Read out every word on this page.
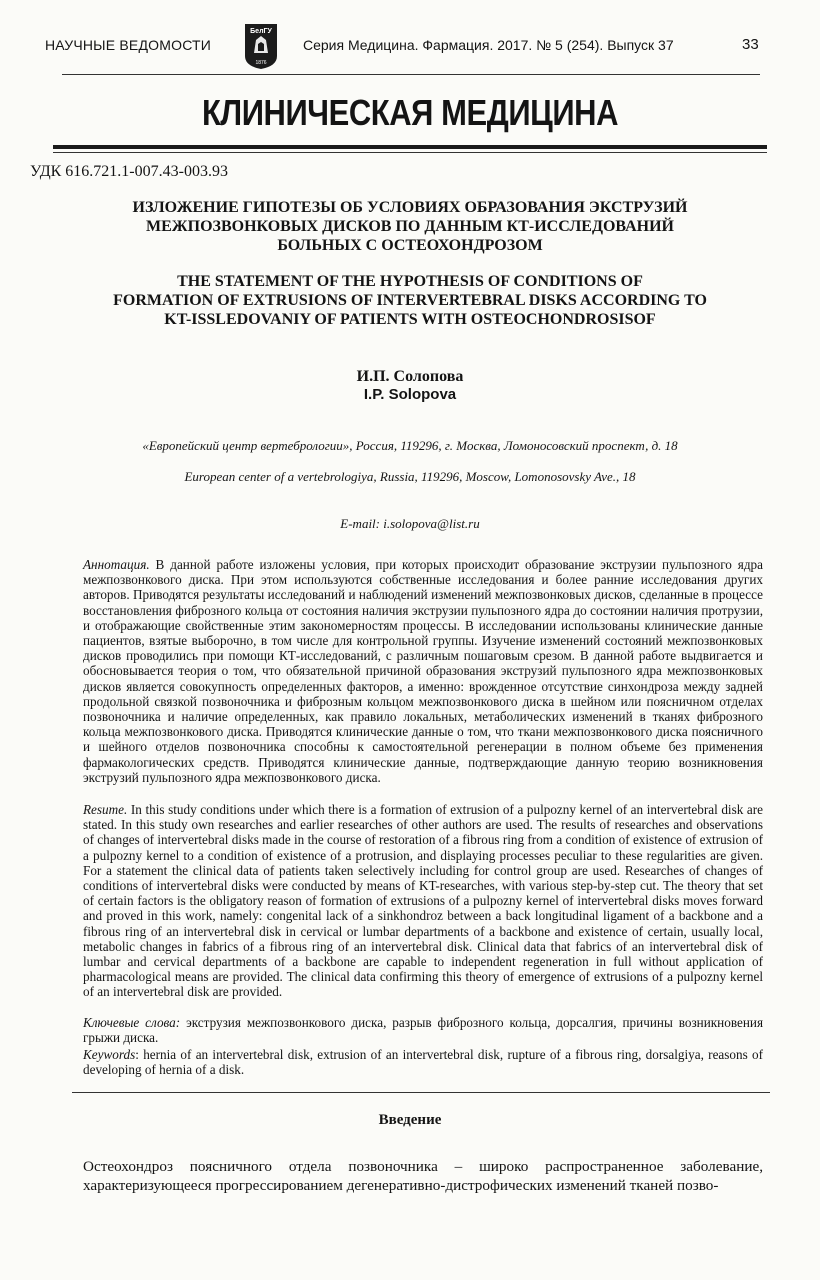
НАУЧНЫЕ ВЕДОМОСТИ
БелГУ
1876
Серия Медицина. Фармация. 2017. № 5 (254). Выпуск 37	33
КЛИНИЧЕСКАЯ МЕДИЦИНА
УДК 616.721.1-007.43-003.93
ИЗЛОЖЕНИЕ ГИПОТЕЗЫ ОБ УСЛОВИЯХ ОБРАЗОВАНИЯ ЭКСТРУЗИЙ
МЕЖПОЗВОНКОВЫХ ДИСКОВ ПО ДАННЫМ КТ-ИССЛЕДОВАНИЙ
БОЛЬНЫХ С ОСТЕОХОНДРОЗОМ
THE STATEMENT OF THE HYPOTHESIS OF CONDITIONS OF
FORMATION OF EXTRUSIONS OF INTERVERTEBRAL DISKS ACCORDING TO
KT-ISSLEDOVANIY OF PATIENTS WITH OSTEOCHONDROSISOF
И.П. Солопова
I.P. Solopova
«Европейский центр вертебрологии», Россия, 119296, г. Москва, Ломоносовский проспект, д. 18
European center of a vertebrologiya, Russia, 119296, Moscow, Lomonosovsky Ave., 18
E-mail: i.solopova@list.ru
Аннотация. В данной работе изложены условия, при которых происходит образование экструзии пульпозного ядра межпозвонкового диска. При этом используются собственные исследования и более ранние исследования других авторов. Приводятся результаты исследований и наблюдений изменений межпозвонковых дисков, сделанные в процессе восстановления фиброзного кольца от состояния наличия экструзии пульпозного ядра до состоянии наличия протрузии, и отображающие свойственные этим закономерностям процессы. В исследовании использованы клинические данные пациентов, взятые выборочно, в том числе для контрольной группы. Изучение изменений состояний межпозвонковых дисков проводились при помощи КТ-исследований, с различным пошаговым срезом. В данной работе выдвигается и обосновывается теория о том, что обязательной причиной образования экструзий пульпозного ядра межпозвонковых дисков является совокупность определенных факторов, а именно: врожденное отсутствие синхондроза между задней продольной связкой позвоночника и фиброзным кольцом межпозвонкового диска в шейном или поясничном отделах позвоночника и наличие определенных, как правило локальных, метаболических изменений в тканях фиброзного кольца межпозвонкового диска. Приводятся клинические данные о том, что ткани межпозвонкового диска поясничного и шейного отделов позвоночника способны к самостоятельной регенерации в полном объеме без применения фармакологических средств. Приводятся клинические данные, подтверждающие данную теорию возникновения экструзий пульпозного ядра межпозвонкового диска.
Resume. In this study conditions under which there is a formation of extrusion of a pulpozny kernel of an intervertebral disk are stated. In this study own researches and earlier researches of other authors are used. The results of researches and observations of changes of intervertebral disks made in the course of restoration of a fibrous ring from a condition of existence of extrusion of a pulpozny kernel to a condition of existence of a protrusion, and displaying processes peculiar to these regularities are given. For a statement the clinical data of patients taken selectively including for control group are used. Researches of changes of conditions of intervertebral disks were conducted by means of KT-researches, with various step-by-step cut. The theory that set of certain factors is the obligatory reason of formation of extrusions of a pulpozny kernel of intervertebral disks moves forward and proved in this work, namely: congenital lack of a sinkhondroz between a back longitudinal ligament of a backbone and a fibrous ring of an intervertebral disk in cervical or lumbar departments of a backbone and existence of certain, usually local, metabolic changes in fabrics of a fibrous ring of an intervertebral disk. Clinical data that fabrics of an intervertebral disk of lumbar and cervical departments of a backbone are capable to independent regeneration in full without application of pharmacological means are provided. The clinical data confirming this theory of emergence of extrusions of a pulpozny kernel of an intervertebral disk are provided.
Ключевые слова: экструзия межпозвонкового диска, разрыв фиброзного кольца, дорсалгия, причины возникновения грыжи диска.
Keywords: hernia of an intervertebral disk, extrusion of an intervertebral disk, rupture of a fibrous ring, dorsalgiya, reasons of developing of hernia of a disk.
Введение
Остеохондроз поясничного отдела позвоночника – широко распространенное заболевание, характеризующееся прогрессированием дегенеративно-дистрофических изменений тканей позво-
